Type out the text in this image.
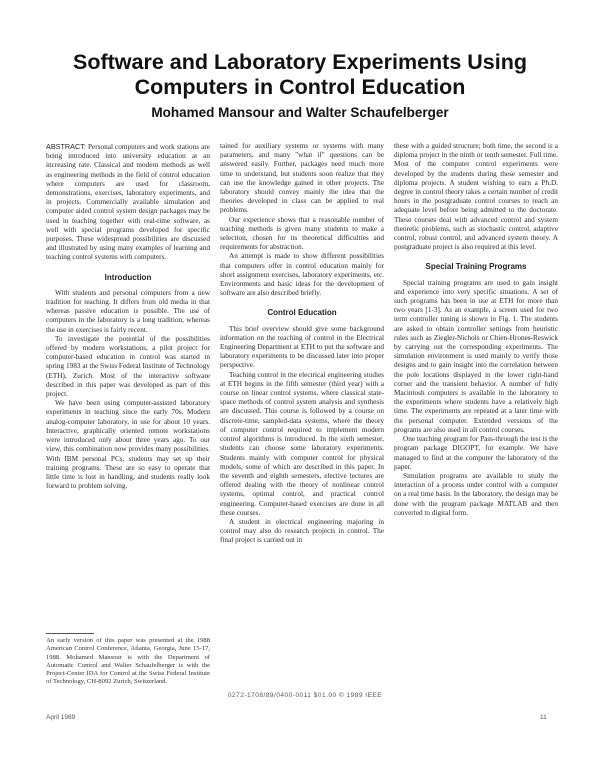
Software and Laboratory Experiments Using Computers in Control Education
Mohamed Mansour and Walter Schaufelberger

ABSTRACT: Personal computers and work stations are being introduced into university education at an increasing rate. Classical and modern methods as well as engineering methods in the field of control education where computers are used for classroom, demonstrations, exercises, laboratory experiments, and in projects. Commercially available simulation and computer aided control system design packages may be used in teaching together with real-time software, as well with special programs developed for specific purposes. These widespread possibilities are discussed and illustrated by using many examples of learning and teaching control systems with computers.

Introduction

With students and personal computers from a new tradition for teaching. It differs from old media in that whereas passive education is possible. The use of computers in the laboratory is a long tradition, whereas the use in exercises is fairly recent.

To investigate the potential of the possibilities offered by modern workstations, a pilot project for computer-based education in control was started in spring 1983 at the Swiss Federal Institute of Technology (ETH), Zurich. Most of the interactive software described in this paper was developed as part of this project.

We have been using computer-assisted laboratory experiments in teaching since the early 70s. Modern analog-computer laboratory, in use for about 10 years. Interactive, graphically oriented remote workstations were introduced only about three years ago. To our view, this combination now provides many possibilities. With IBM personal PCs, students may set up their training programs. These are so easy to operate that little time is lost in handling, and students really look forward to problem solving.

An early version of this paper was presented at the 1988 American Control Conference, Atlanta, Georgia, June 15-17, 1988. Mohamed Mansour is with the Department of Automatic Control and Walter Schaufelberger is with the Project-Center IDA for Control at the Swiss Federal Institute of Technology, CH-8092 Zurich, Switzerland.

tained for auxiliary systems or systems with many parameters, and many "what if" questions can be answered easily. Further, packages need much more time to understand, but students soon realize that they can use the knowledge gained in other projects. The laboratory should convey mainly the idea that the theories developed in class can be applied to real problems.

Our experience shows that a reasonable number of teaching methods is given many students to make a selection, chosen for its theoretical difficulties and requirements for abstraction.

An attempt is made to show different possibilities that computers offer in control education mainly for short assignment exercises, laboratory experiments, etc. Environments and basic ideas for the development of software are also described briefly.

Control Education

This brief overview should give some background information on the teaching of control in the Electrical Engineering Department at ETH to put the software and laboratory experiments to be discussed later into proper perspective.

Teaching control in the electrical engineering studies at ETH begins in the fifth semester (third year) with a course on linear control systems, where classical state-space methods of control system analysis and synthesis are discussed. This course is followed by a course on discrete-time, sampled-data systems, where the theory of computer control required to implement modern control algorithms is introduced. In the sixth semester, students can choose some laboratory experiments. Students mainly with computer control for physical models, some of which are described in this paper. In the seventh and eighth semesters, elective lectures are offered dealing with the theory of nonlinear control systems, optimal control, and practical control engineering. Computer-based exercises are done in all these courses.

A student in electrical engineering majoring in control may also do research projects in control. The final project is carried out in

these with a guided structure; both time, the second is a diploma project in the ninth or tenth semester. Full time. Most of the computer control experiments were developed by the students during these semester and diploma projects. A student wishing to earn a Ph.D. degree in control theory takes a certain number of credit hours in the postgraduate control courses to reach an adequate level before being admitted to the doctorate. These courses deal with advanced control and system theoretic problems, such as stochastic control, adaptive control, robust control, and advanced system theory. A postgraduate project is also required at this level.

Special Training Programs

Special training programs are used to gain insight and experience into very specific situations. A set of such programs has been in use at ETH for more than two years [1-3]. As an example, a screen used for two term controller tuning is shown in Fig. 1. The students are asked to obtain controller settings from heuristic rules such as Ziegler-Nichols or Chien-Hrones-Reswick by carrying out the corresponding experiments. The simulation environment is used mainly to verify those designs and to gain insight into the correlation between the pole locations displayed in the lower right-hand corner and the transient behavior. A number of fully Macintosh computers is available in the laboratory to the experiments where students have a relatively high time. The experiments are repeated at a later time with the personal computer. Extended versions of the programs are also used in all control courses.

One teaching program for Pass-through the test is the program package DIGOPT, for example. We have managed to find at the computer the laboratory of the paper.

Simulation programs are available to study the interaction of a process under control with a computer on a real time basis. In the laboratory, the design may be done with the program package MATLAB and then converted to digital form.

0272-1708/89/0400-0011 $01.00 © 1989 IEEE
April 1989	11
